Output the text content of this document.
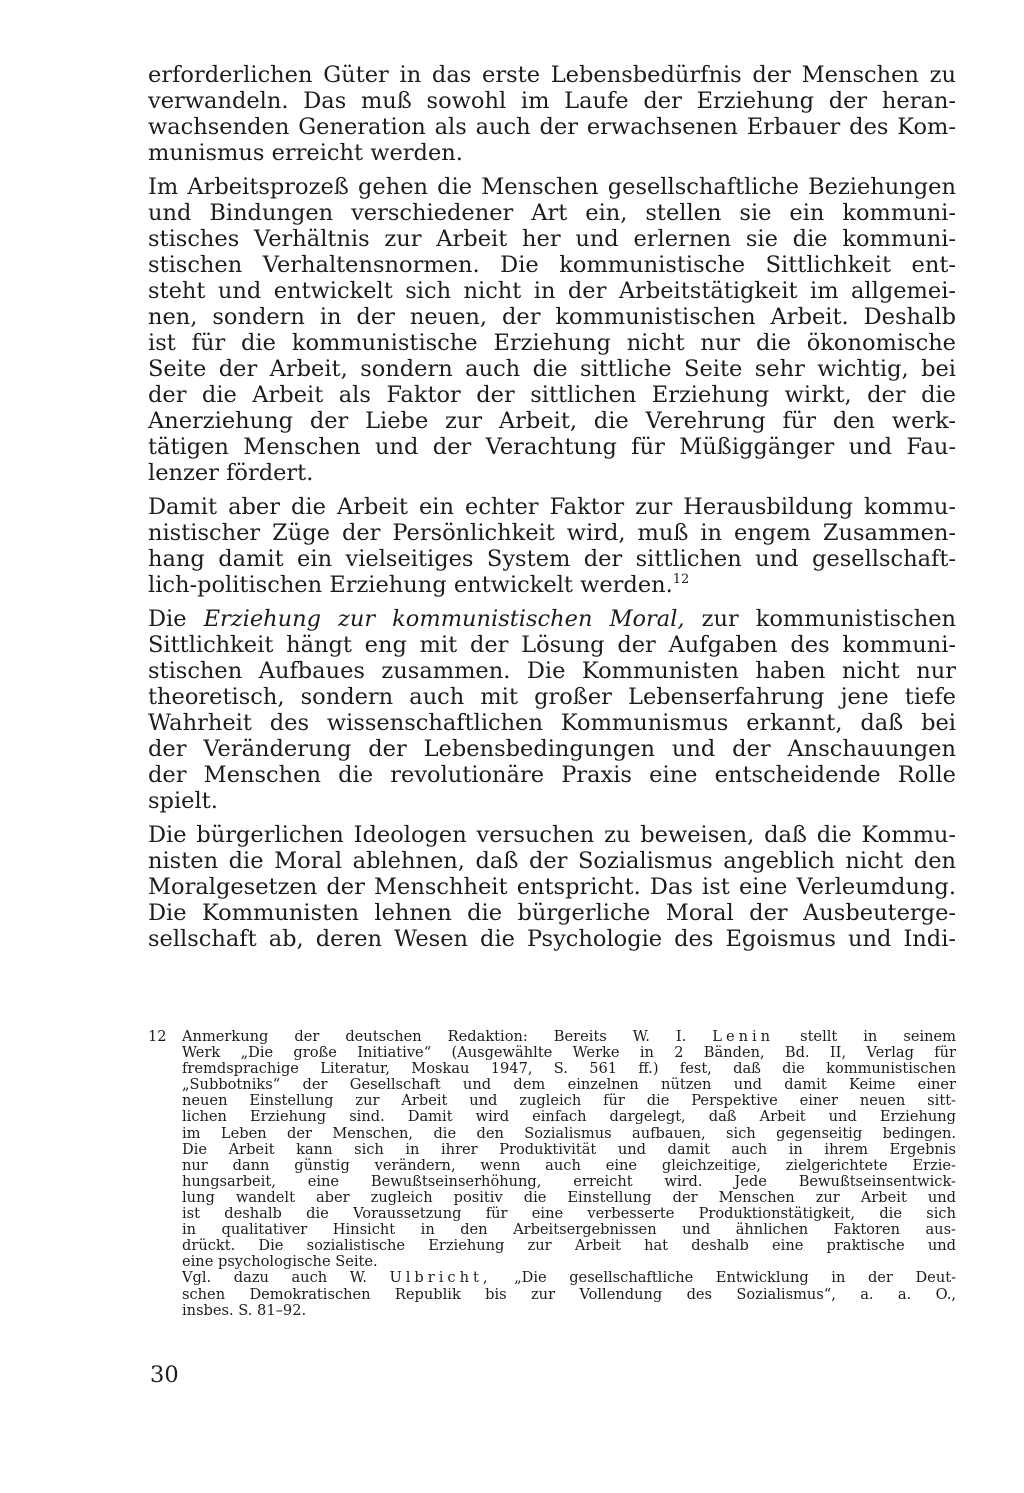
erforderlichen Güter in das erste Lebensbedürfnis der Menschen zu
verwandeln. Das muß sowohl im Laufe der Erziehung der heran-
wachsenden Generation als auch der erwachsenen Erbauer des Kom-
munismus erreicht werden.
Im Arbeitsprozeß gehen die Menschen gesellschaftliche Beziehungen
und Bindungen verschiedener Art ein, stellen sie ein kommuni-
stisches Verhältnis zur Arbeit her und erlernen sie die kommuni-
stischen Verhaltensnormen. Die kommunistische Sittlichkeit ent-
steht und entwickelt sich nicht in der Arbeitstätigkeit im allgemei-
nen, sondern in der neuen, der kommunistischen Arbeit. Deshalb
ist für die kommunistische Erziehung nicht nur die ökonomische
Seite der Arbeit, sondern auch die sittliche Seite sehr wichtig, bei
der die Arbeit als Faktor der sittlichen Erziehung wirkt, der die
Anerziehung der Liebe zur Arbeit, die Verehrung für den werk-
tätigen Menschen und der Verachtung für Müßiggänger und Fau-
lenzer fördert.
Damit aber die Arbeit ein echter Faktor zur Herausbildung kommu-
nistischer Züge der Persönlichkeit wird, muß in engem Zusammen-
hang damit ein vielseitiges System der sittlichen und gesellschaft-
lich-politischen Erziehung entwickelt werden.$^{12}$
Die Erziehung zur kommunistischen Moral, zur kommunistischen
Sittlichkeit hängt eng mit der Lösung der Aufgaben des kommuni-
stischen Aufbaues zusammen. Die Kommunisten haben nicht nur
theoretisch, sondern auch mit großer Lebenserfahrung jene tiefe
Wahrheit des wissenschaftlichen Kommunismus erkannt, daß bei
der Veränderung der Lebensbedingungen und der Anschauungen
der Menschen die revolutionäre Praxis eine entscheidende Rolle
spielt.
Die bürgerlichen Ideologen versuchen zu beweisen, daß die Kommu-
nisten die Moral ablehnen, daß der Sozialismus angeblich nicht den
Moralgesetzen der Menschheit entspricht. Das ist eine Verleumdung.
Die Kommunisten lehnen die bürgerliche Moral der Ausbeuterge-
sellschaft ab, deren Wesen die Psychologie des Egoismus und Indi-
12 Anmerkung der deutschen Redaktion: Bereits W. I. Lenin stellt in seinem
Werk „Die große Initiative“ (Ausgewählte Werke in 2 Bänden, Bd. II, Verlag für
fremdsprachige Literatur, Moskau 1947, S. 561 ff.) fest, daß die kommunistischen
„Subbotniks“ der Gesellschaft und dem einzelnen nützen und damit Keime einer
neuen Einstellung zur Arbeit und zugleich für die Perspektive einer neuen sitt-
lichen Erziehung sind. Damit wird einfach dargelegt, daß Arbeit und Erziehung
im Leben der Menschen, die den Sozialismus aufbauen, sich gegenseitig bedingen.
Die Arbeit kann sich in ihrer Produktivität und damit auch in ihrem Ergebnis
nur dann günstig verändern, wenn auch eine gleichzeitige, zielgerichtete Erzie-
hungsarbeit, eine Bewußtseinserhöhung, erreicht wird. Jede Bewußtseinsentwick-
lung wandelt aber zugleich positiv die Einstellung der Menschen zur Arbeit und
ist deshalb die Voraussetzung für eine verbesserte Produktionstätigkeit, die sich
in qualitativer Hinsicht in den Arbeitsergebnissen und ähnlichen Faktoren aus-
drückt. Die sozialistische Erziehung zur Arbeit hat deshalb eine praktische und
eine psychologische Seite.
Vgl. dazu auch W. Ulbricht, „Die gesellschaftliche Entwicklung in der Deut-
schen Demokratischen Republik bis zur Vollendung des Sozialismus“, a. a. O.,
insbes. S. 81–92.
30
